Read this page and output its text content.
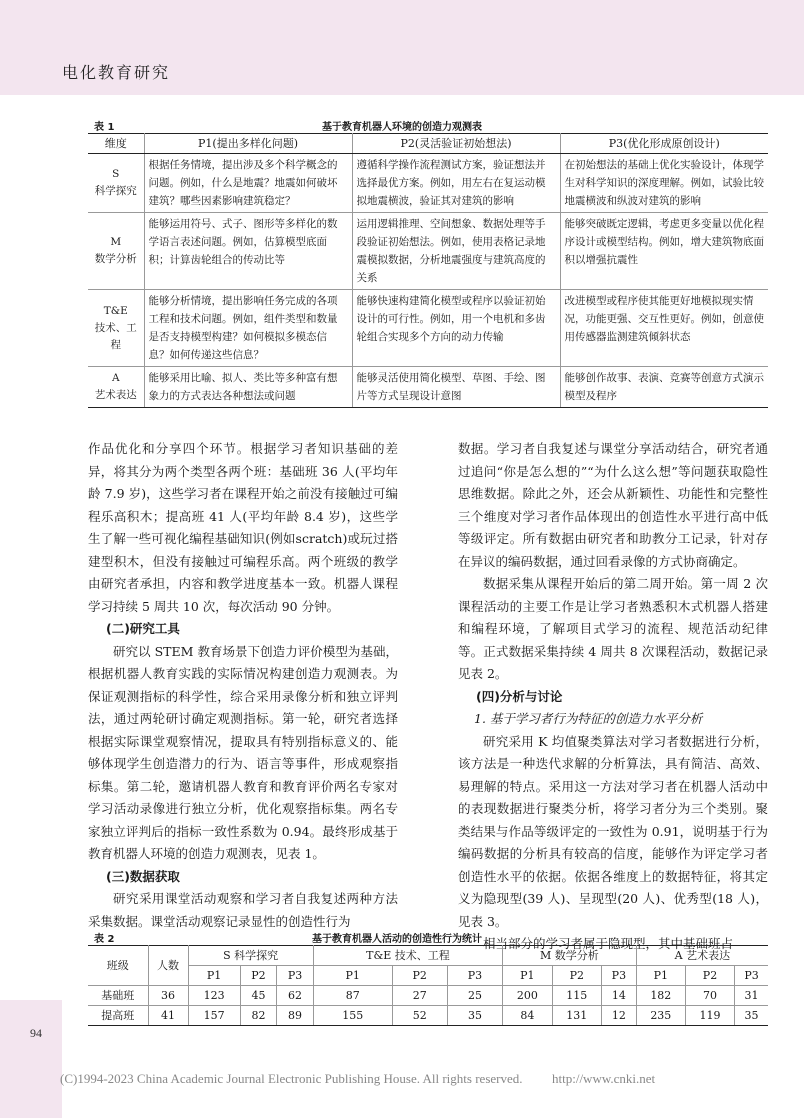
电化教育研究
表 1	基于教育机器人环境的创造力观测表
维度	P1(提出多样化问题)	P2(灵活验证初始想法)	P3(优化形成原创设计)

S
科学探究	根据任务情境，提出涉及多个科学概念的问题。例如，什么是地震？地震如何破坏建筑？哪些因素影响建筑稳定？	遵循科学操作流程测试方案，验证想法并选择最优方案。例如，用左右在复运动模拟地震横波，验证其对建筑的影响	在初始想法的基础上优化实验设计，体现学生对科学知识的深度理解。例如，试验比较地震横波和纵波对建筑的影响

M
数学分析	能够运用符号、式子、图形等多样化的数学语言表述问题。例如，估算模型底面积；计算齿轮组合的传动比等	运用逻辑推理、空间想象、数据处理等手段验证初始想法。例如，使用表格记录地震模拟数据，分析地震强度与建筑高度的关系	能够突破既定逻辑，考虑更多变量以优化程序设计或模型结构。例如，增大建筑物底面积以增强抗震性

T&E
技术、工程	能够分析情境，提出影响任务完成的各项工程和技术问题。例如，组件类型和数量是否支持模型构建？如何模拟多模态信息？如何传递这些信息？	能够快速构建简化模型或程序以验证初始设计的可行性。例如，用一个电机和多齿轮组合实现多个方向的动力传输	改进模型或程序使其能更好地模拟现实情况，功能更强、交互性更好。例如，创意使用传感器监测建筑倾斜状态

A
艺术表达	能够采用比喻、拟人、类比等多种富有想象力的方式表达各种想法或问题	能够灵活使用简化模型、草图、手绘、图片等方式呈现设计意图	能够创作故事、表演、竞赛等创意方式演示模型及程序

作品优化和分享四个环节。根据学习者知识基础的差异，将其分为两个类型各两个班：基础班 36 人(平均年龄 7.9 岁)，这些学习者在课程开始之前没有接触过可编程乐高积木；提高班 41 人(平均年龄 8.4 岁)，这些学生了解一些可视化编程基础知识(例如scratch)或玩过搭建型积木，但没有接触过可编程乐高。两个班级的教学由研究者承担，内容和教学进度基本一致。机器人课程学习持续 5 周共 10 次，每次活动 90 分钟。

(二)研究工具

研究以 STEM 教育场景下创造力评价模型为基础，根据机器人教育实践的实际情况构建创造力观测表。为保证观测指标的科学性，综合采用录像分析和独立评判法，通过两轮研讨确定观测指标。第一轮，研究者选择根据实际课堂观察情况，提取具有特别指标意义的、能够体现学生创造潜力的行为、语言等事件，形成观察指标集。第二轮，邀请机器人教育和教育评价两名专家对学习活动录像进行独立分析，优化观察指标集。两名专家独立评判后的指标一致性系数为 0.94。最终形成基于教育机器人环境的创造力观测表，见表 1。

(三)数据获取

研究采用课堂活动观察和学习者自我复述两种方法采集数据。课堂活动观察记录显性的创造性行为

数据。学习者自我复述与课堂分享活动结合，研究者通过追问“你是怎么想的”“为什么这么想”等问题获取隐性思维数据。除此之外，还会从新颖性、功能性和完整性三个维度对学习者作品体现出的创造性水平进行高中低等级评定。所有数据由研究者和助教分工记录，针对存在异议的编码数据，通过回看录像的方式协商确定。

数据采集从课程开始后的第二周开始。第一周 2 次课程活动的主要工作是让学习者熟悉积木式机器人搭建和编程环境，了解项目式学习的流程、规范活动纪律等。正式数据采集持续 4 周共 8 次课程活动，数据记录见表 2。

(四)分析与讨论

1. 基于学习者行为特征的创造力水平分析

研究采用 K 均值聚类算法对学习者数据进行分析，该方法是一种迭代求解的分析算法，具有简洁、高效、易理解的特点。采用这一方法对学习者在机器人活动中的表现数据进行聚类分析，将学习者分为三个类别。聚类结果与作品等级评定的一致性为 0.91，说明基于行为编码数据的分析具有较高的信度，能够作为评定学习者创造性水平的依据。依据各维度上的数据特征，将其定义为隐现型(39 人)、呈现型(20 人)、优秀型(18 人)，见表 3。

相当部分的学习者属于隐现型，其中基础班占

表 2	基于教育机器人活动的创造性行为统计
班级	人数	S 科学探究			T&E 技术、工程			M 数学分析			A 艺术表达		
		P1	P2	P3	P1	P2	P3	P1	P2	P3	P1	P2	P3
基础班	36	123	45	62	87	27	25	200	115	14	182	70	31
提高班	41	157	82	89	155	52	35	84	131	12	235	119	35
94
(C)1994-2023 China Academic Journal Electronic Publishing House. All rights reserved. http://www.cnki.net
